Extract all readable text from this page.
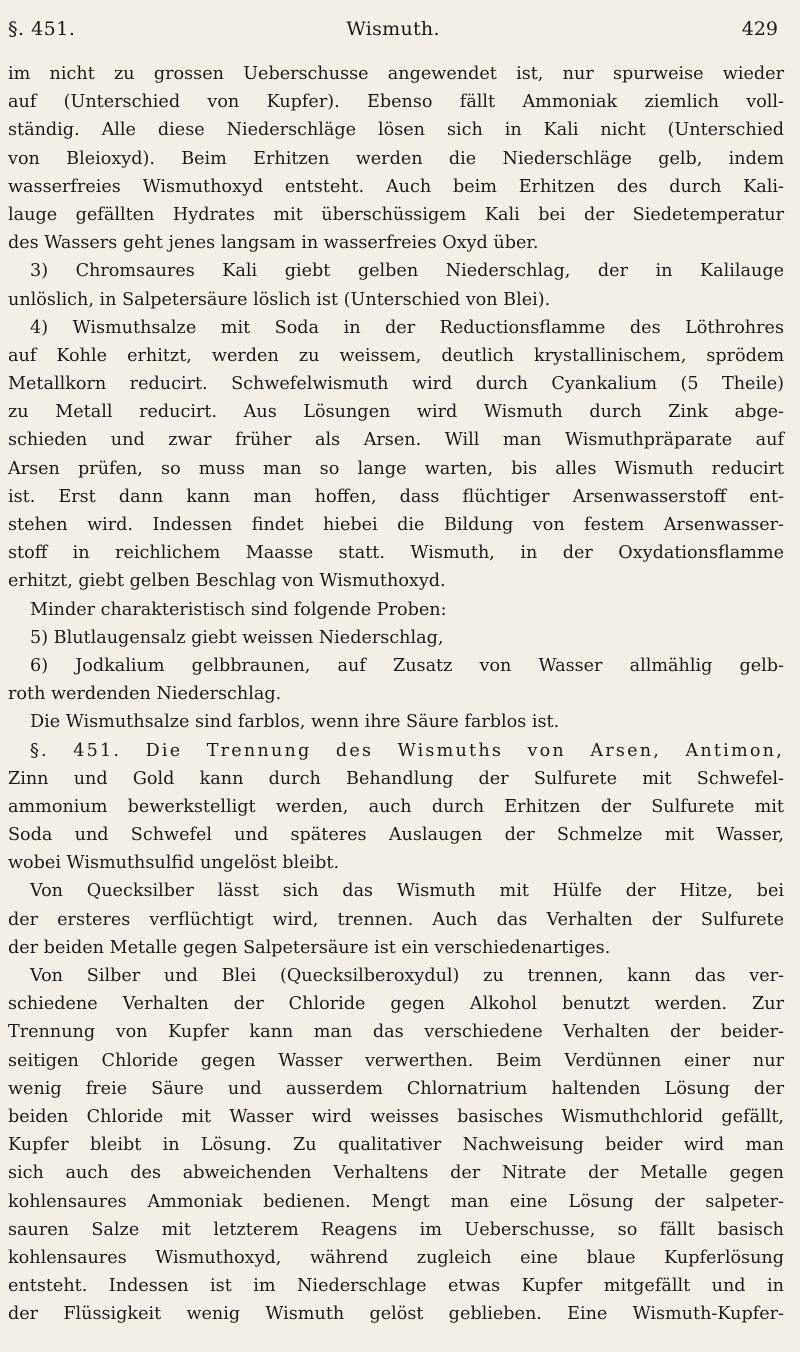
§. 451.	Wismuth.	429
im nicht zu grossen Ueberschusse angewendet ist, nur spurweise wieder
auf (Unterschied von Kupfer). Ebenso fällt Ammoniak ziemlich voll-
ständig. Alle diese Niederschläge lösen sich in Kali nicht (Unterschied
von Bleioxyd). Beim Erhitzen werden die Niederschläge gelb, indem
wasserfreies Wismuthoxyd entsteht. Auch beim Erhitzen des durch Kali-
lauge gefällten Hydrates mit überschüssigem Kali bei der Siedetemperatur
des Wassers geht jenes langsam in wasserfreies Oxyd über.
3) Chromsaures Kali giebt gelben Niederschlag, der in Kalilauge
unlöslich, in Salpetersäure löslich ist (Unterschied von Blei).
4) Wismuthsalze mit Soda in der Reductionsflamme des Löthrohres
auf Kohle erhitzt, werden zu weissem, deutlich krystallinischem, sprödem
Metallkorn reducirt. Schwefelwismuth wird durch Cyankalium (5 Theile)
zu Metall reducirt. Aus Lösungen wird Wismuth durch Zink abge-
schieden und zwar früher als Arsen. Will man Wismuthpräparate auf
Arsen prüfen, so muss man so lange warten, bis alles Wismuth reducirt
ist. Erst dann kann man hoffen, dass flüchtiger Arsenwasserstoff ent-
stehen wird. Indessen findet hiebei die Bildung von festem Arsenwasser-
stoff in reichlichem Maasse statt. Wismuth, in der Oxydationsflamme
erhitzt, giebt gelben Beschlag von Wismuthoxyd.
Minder charakteristisch sind folgende Proben:
5) Blutlaugensalz giebt weissen Niederschlag,
6) Jodkalium gelbbraunen, auf Zusatz von Wasser allmählig gelb-
roth werdenden Niederschlag.
Die Wismuthsalze sind farblos, wenn ihre Säure farblos ist.
§. 451. Die Trennung des Wismuths von Arsen, Antimon,
Zinn und Gold kann durch Behandlung der Sulfurete mit Schwefel-
ammonium bewerkstelligt werden, auch durch Erhitzen der Sulfurete mit
Soda und Schwefel und späteres Auslaugen der Schmelze mit Wasser,
wobei Wismuthsulfid ungelöst bleibt.
Von Quecksilber lässt sich das Wismuth mit Hülfe der Hitze, bei
der ersteres verflüchtigt wird, trennen. Auch das Verhalten der Sulfurete
der beiden Metalle gegen Salpetersäure ist ein verschiedenartiges.
Von Silber und Blei (Quecksilberoxydul) zu trennen, kann das ver-
schiedene Verhalten der Chloride gegen Alkohol benutzt werden. Zur
Trennung von Kupfer kann man das verschiedene Verhalten der beider-
seitigen Chloride gegen Wasser verwerthen. Beim Verdünnen einer nur
wenig freie Säure und ausserdem Chlornatrium haltenden Lösung der
beiden Chloride mit Wasser wird weisses basisches Wismuthchlorid gefällt,
Kupfer bleibt in Lösung. Zu qualitativer Nachweisung beider wird man
sich auch des abweichenden Verhaltens der Nitrate der Metalle gegen
kohlensaures Ammoniak bedienen. Mengt man eine Lösung der salpeter-
sauren Salze mit letzterem Reagens im Ueberschusse, so fällt basisch
kohlensaures Wismuthoxyd, während zugleich eine blaue Kupferlösung
entsteht. Indessen ist im Niederschlage etwas Kupfer mitgefällt und in
der Flüssigkeit wenig Wismuth gelöst geblieben. Eine Wismuth-Kupfer-
